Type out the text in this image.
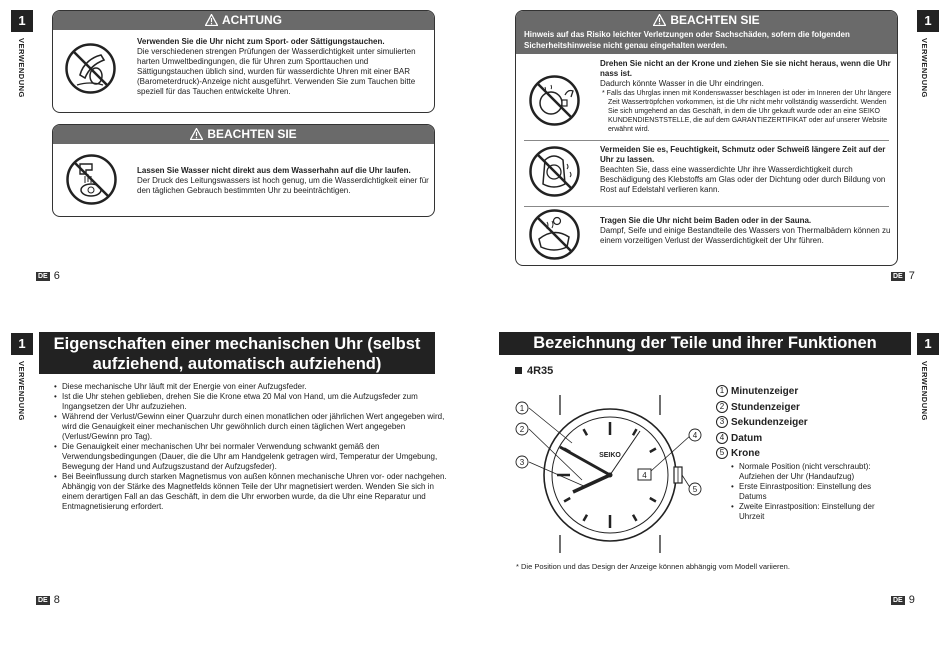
1
VERWENDUNG
ACHTUNG
Verwenden Sie die Uhr nicht zum Sport- oder Sättigungstauchen.
Die verschiedenen strengen Prüfungen der Wasserdichtigkeit unter simulierten harten Umweltbedingungen, die für Uhren zum Sporttauchen und Sättigungstauchen üblich sind, wurden für wasserdichte Uhren mit einer BAR (Barometerdruck)-Anzeige nicht ausgeführt. Verwenden Sie zum Tauchen bitte speziell für das Tauchen entwickelte Uhren.
BEACHTEN SIE
Lassen Sie Wasser nicht direkt aus dem Wasserhahn auf die Uhr laufen.
Der Druck des Leitungswassers ist hoch genug, um die Wasserdichtigkeit einer für den täglichen Gebrauch bestimmten Uhr zu beeinträchtigen.
DE 6
1
VERWENDUNG
BEACHTEN SIE
Hinweis auf das Risiko leichter Verletzungen oder Sachschäden, sofern die folgenden Sicherheitshinweise nicht genau eingehalten werden.
Drehen Sie nicht an der Krone und ziehen Sie sie nicht heraus, wenn die Uhr nass ist.
Dadurch könnte Wasser in die Uhr eindringen.
* Falls das Uhrglas innen mit Kondenswasser beschlagen ist oder im Inneren der Uhr längere Zeit Wassertröpfchen vorkommen, ist die Uhr nicht mehr vollständig wasserdicht. Wenden Sie sich umgehend an das Geschäft, in dem die Uhr gekauft wurde oder an eine SEIKO KUNDENDIENSTSTELLE, die auf dem GARANTIEZERTIFIKAT oder auf unserer Website erwähnt wird.
Vermeiden Sie es, Feuchtigkeit, Schmutz oder Schweiß längere Zeit auf der Uhr zu lassen.
Beachten Sie, dass eine wasserdichte Uhr ihre Wasserdichtigkeit durch Beschädigung des Klebstoffs am Glas oder der Dichtung oder durch Bildung von Rost auf Edelstahl verlieren kann.
Tragen Sie die Uhr nicht beim Baden oder in der Sauna.
Dampf, Seife und einige Bestandteile des Wassers von Thermalbädern können zu einem vorzeitigen Verlust der Wasserdichtigkeit der Uhr führen.
DE 7
1
VERWENDUNG
Eigenschaften einer mechanischen Uhr (selbst
aufziehend, automatisch aufziehend)
• Diese mechanische Uhr läuft mit der Energie von einer Aufzugsfeder.
• Ist die Uhr stehen geblieben, drehen Sie die Krone etwa 20 Mal von Hand, um die Aufzugsfeder zum Ingangsetzen der Uhr aufzuziehen.
• Während der Verlust/Gewinn einer Quarzuhr durch einen monatlichen oder jährlichen Wert angegeben wird, wird die Genauigkeit einer mechanischen Uhr gewöhnlich durch einen täglichen Wert angegeben (Verlust/Gewinn pro Tag).
• Die Genauigkeit einer mechanischen Uhr bei normaler Verwendung schwankt gemäß den Verwendungsbedingungen (Dauer, die die Uhr am Handgelenk getragen wird, Temperatur der Umgebung, Bewegung der Hand und Aufzugszustand der Aufzugsfeder).
• Bei Beeinflussung durch starken Magnetismus von außen können mechanische Uhren vor- oder nachgehen. Abhängig von der Stärke des Magnetfelds können Teile der Uhr magnetisiert werden. Wenden Sie sich in einem derartigen Fall an das Geschäft, in dem die Uhr erworben wurde, da die Uhr eine Reparatur und Entmagnetisierung erfordert.
DE 8
1
VERWENDUNG
Bezeichnung der Teile und ihrer Funktionen
4R35
4
SEIKO
1
2
3
4
5
1 Minutenzeiger
2 Stundenzeiger
3 Sekundenzeiger
4 Datum
5 Krone
• Normale Position (nicht verschraubt): Aufziehen der Uhr (Handaufzug)
• Erste Einrastposition: Einstellung des Datums
• Zweite Einrastposition: Einstellung der Uhrzeit
* Die Position und das Design der Anzeige können abhängig vom Modell variieren.
DE 9
